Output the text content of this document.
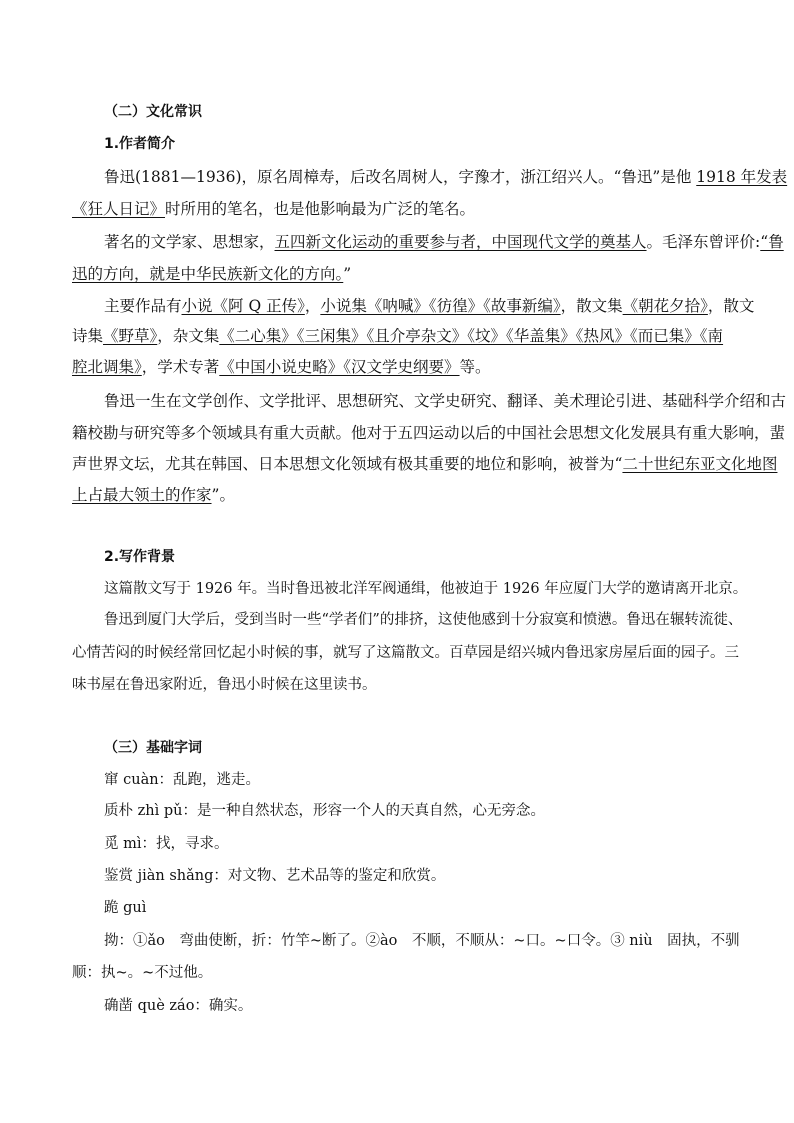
（二）文化常识
1.作者简介
鲁迅(1881—1936)，原名周樟寿，后改名周树人，字豫才，浙江绍兴人。“鲁迅”是他 1918 年发表
《狂人日记》时所用的笔名，也是他影响最为广泛的笔名。
著名的文学家、思想家，五四新文化运动的重要参与者，中国现代文学的奠基人。毛泽东曾评价:“鲁
迅的方向，就是中华民族新文化的方向。”
主要作品有小说《阿 Q 正传》，小说集《呐喊》《彷徨》《故事新编》，散文集《朝花夕拾》，散文
诗集《野草》，杂文集《二心集》《三闲集》《且介亭杂文》《坟》《华盖集》《热风》《而已集》《南
腔北调集》，学术专著《中国小说史略》《汉文学史纲要》等。
鲁迅一生在文学创作、文学批评、思想研究、文学史研究、翻译、美术理论引进、基础科学介绍和古
籍校勘与研究等多个领域具有重大贡献。他对于五四运动以后的中国社会思想文化发展具有重大影响，蜚
声世界文坛，尤其在韩国、日本思想文化领域有极其重要的地位和影响，被誉为“二十世纪东亚文化地图
上占最大领土的作家”。
2.写作背景
这篇散文写于 1926 年。当时鲁迅被北洋军阀通缉，他被迫于 1926 年应厦门大学的邀请离开北京。
鲁迅到厦门大学后，受到当时一些“学者们”的排挤，这使他感到十分寂寞和愤懑。鲁迅在辗转流徙、
心情苦闷的时候经常回忆起小时候的事，就写了这篇散文。百草园是绍兴城内鲁迅家房屋后面的园子。三
味书屋在鲁迅家附近，鲁迅小时候在这里读书。
（三）基础字词
窜 cuàn：乱跑，逃走。
质朴 zhì pǔ：是一种自然状态，形容一个人的天真自然，心无旁念。
觅 mì：找，寻求。
鉴赏 jiàn shǎng：对文物、艺术品等的鉴定和欣赏。
跪 guì
拗：①ǎo　弯曲使断，折：竹竿~断了。②ào　不顺，不顺从：~口。~口令。③ niù　固执，不驯
顺：执~。~不过他。
确凿 què záo：确实。
